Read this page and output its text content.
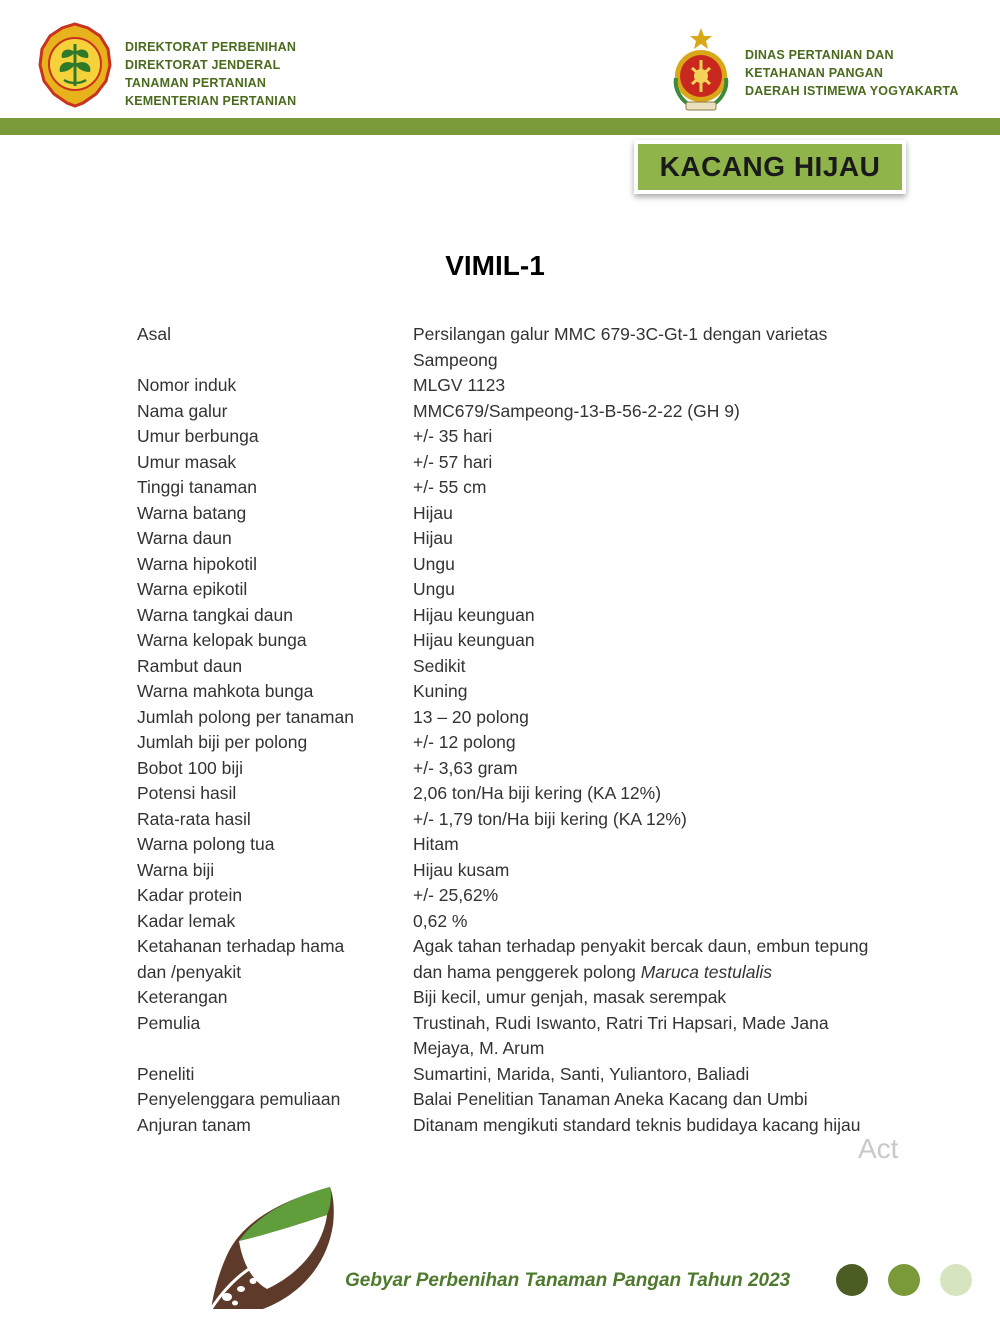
DIREKTORAT PERBENIHAN
DIREKTORAT JENDERAL
TANAMAN PERTANIAN
KEMENTERIAN PERTANIAN
DINAS PERTANIAN DAN
KETAHANAN PANGAN
DAERAH ISTIMEWA YOGYAKARTA
KACANG HIJAU
VIMIL-1
Asal	Persilangan galur MMC 679-3C-Gt-1 dengan varietas
Sampeong
Nomor induk	MLGV 1123
Nama galur	MMC679/Sampeong-13-B-56-2-22 (GH 9)
Umur berbunga	+/- 35 hari
Umur masak	+/- 57 hari
Tinggi tanaman	+/- 55 cm
Warna batang	Hijau
Warna daun	Hijau
Warna hipokotil	Ungu
Warna epikotil	Ungu
Warna tangkai daun	Hijau keunguan
Warna kelopak bunga	Hijau keunguan
Rambut daun	Sedikit
Warna mahkota bunga	Kuning
Jumlah polong per tanaman	13 – 20 polong
Jumlah biji per polong	+/- 12 polong
Bobot 100 biji	+/- 3,63 gram
Potensi hasil	2,06 ton/Ha biji kering (KA 12%)
Rata-rata hasil	+/- 1,79 ton/Ha biji kering (KA 12%)
Warna polong tua	Hitam
Warna biji	Hijau kusam
Kadar protein	+/- 25,62%
Kadar lemak	0,62 %
Ketahanan terhadap hama	Agak tahan terhadap penyakit bercak daun, embun tepung
dan /penyakit	dan hama penggerek polong Maruca testulalis
Keterangan	Biji kecil, umur genjah, masak serempak
Pemulia	Trustinah, Rudi Iswanto, Ratri Tri Hapsari, Made Jana
Mejaya, M. Arum
Peneliti	Sumartini, Marida, Santi, Yuliantoro, Baliadi
Penyelenggara pemuliaan	Balai Penelitian Tanaman Aneka Kacang dan Umbi
Anjuran tanam	Ditanam mengikuti standard teknis budidaya kacang hijau
Act
Gebyar Perbenihan Tanaman Pangan Tahun 2023
